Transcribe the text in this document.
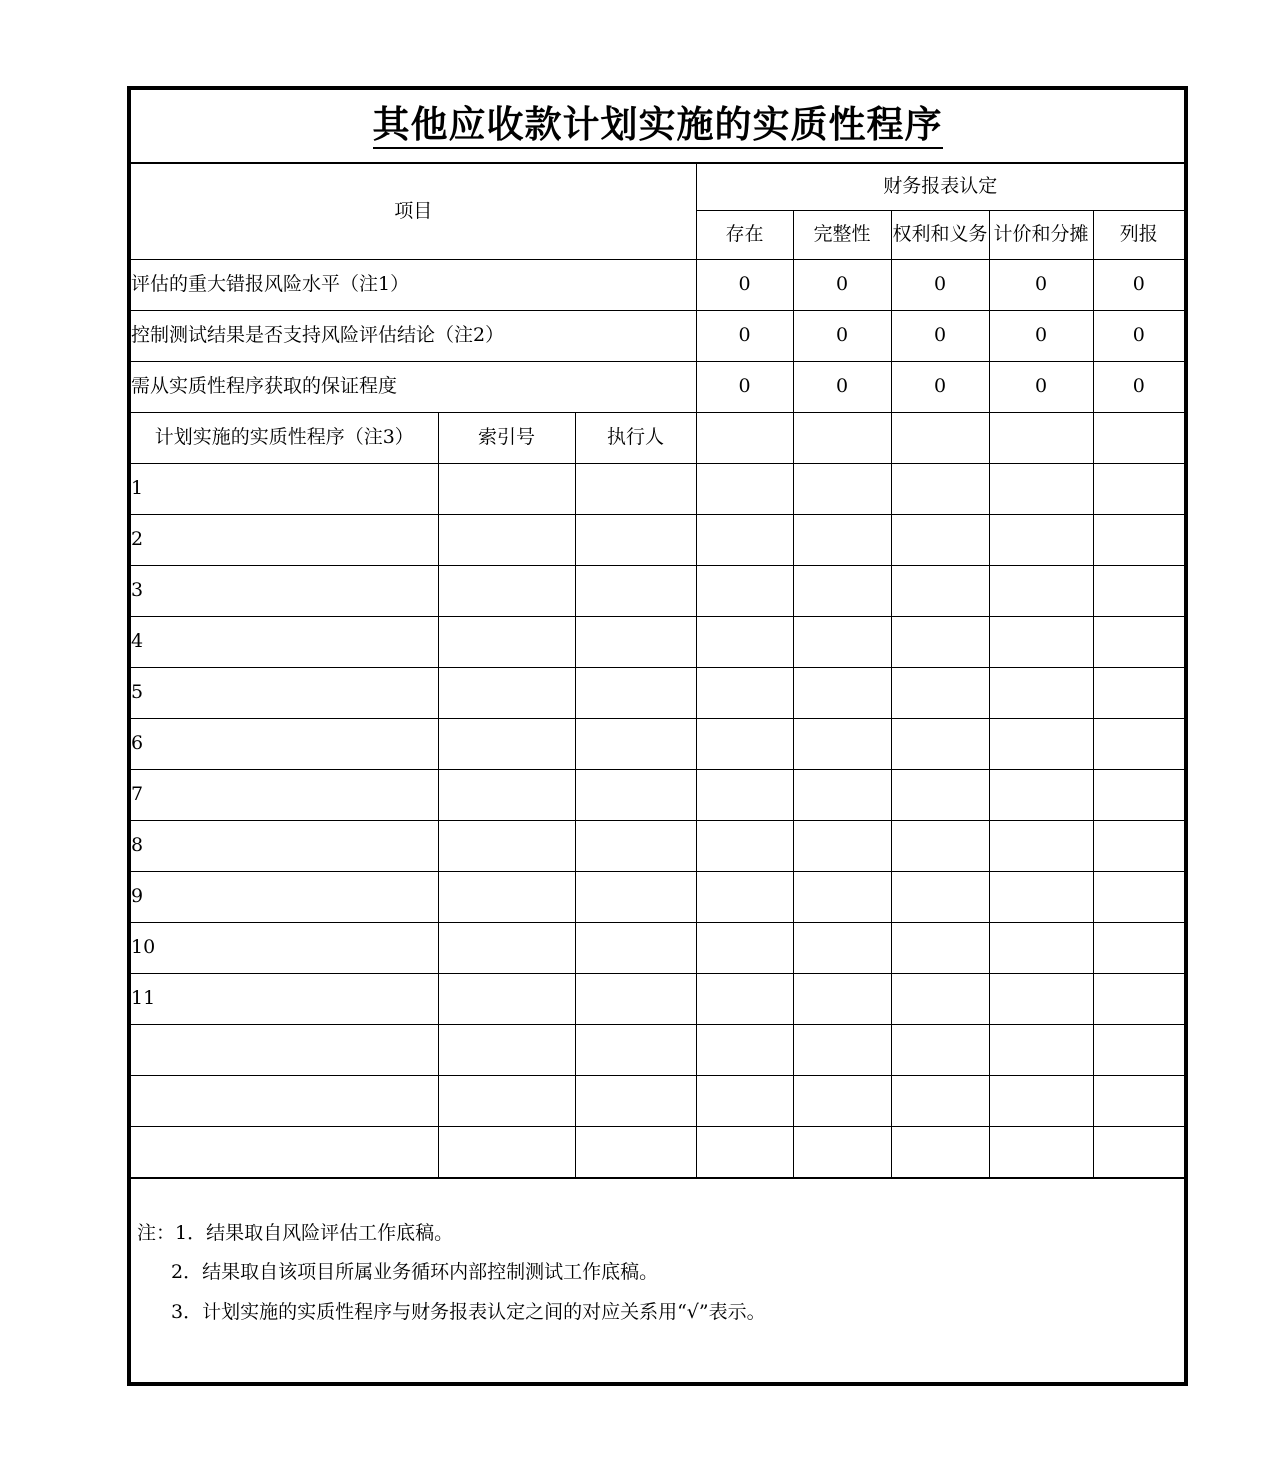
其他应收款计划实施的实质性程序							
项目			财务报表认定				
			存在	完整性	权利和义务	计价和分摊	列报
评估的重大错报风险水平（注1）			0	0	0	0	0
控制测试结果是否支持风险评估结论（注2）			0	0	0	0	0
需从实质性程序获取的保证程度			0	0	0	0	0
计划实施的实质性程序（注3）	索引号	执行人					
1							
2							
3							
4							
5							
6							
7							
8							
9							
10							
11							

注：1．结果取自风险评估工作底稿。
2．结果取自该项目所属业务循环内部控制测试工作底稿。
3．计划实施的实质性程序与财务报表认定之间的对应关系用“√”表示。							
